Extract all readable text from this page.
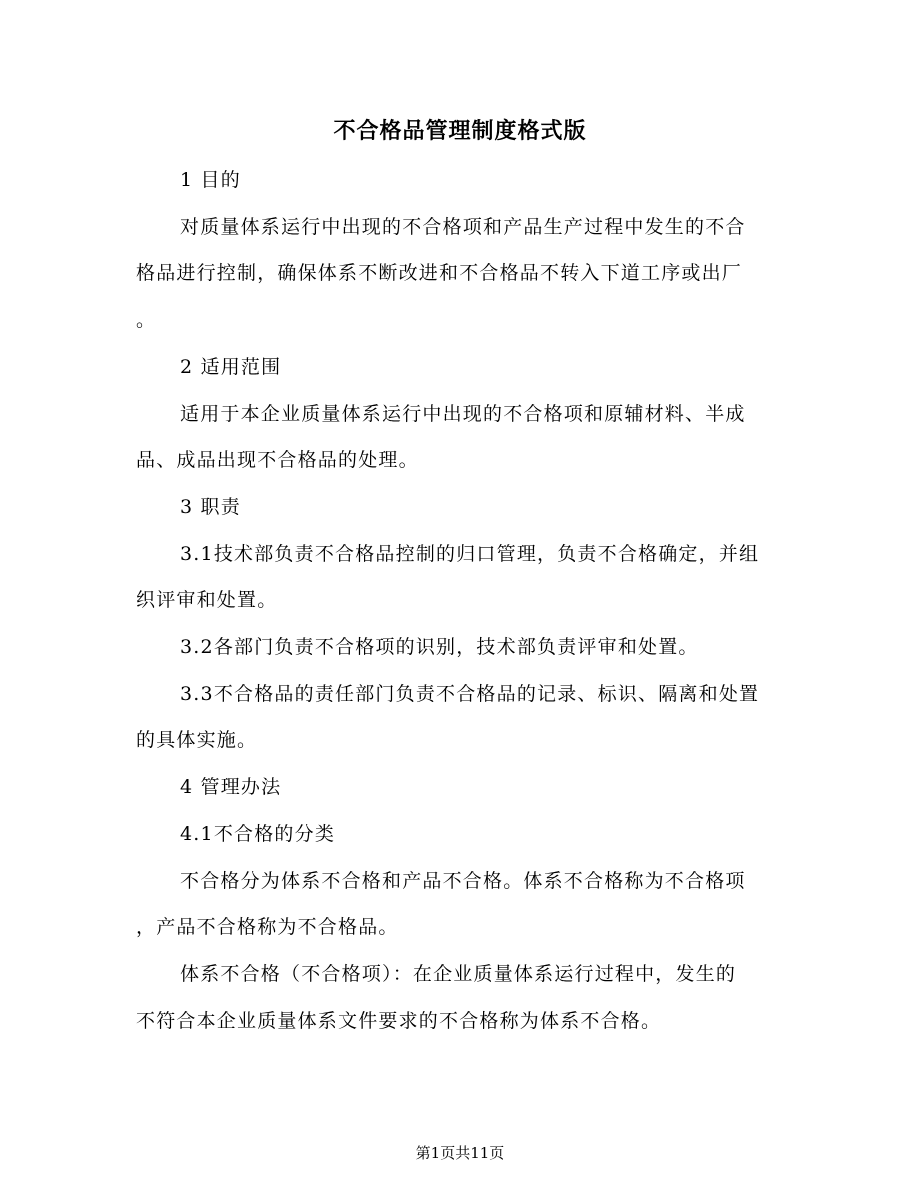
不合格品管理制度格式版
1 目的
对质量体系运行中出现的不合格项和产品生产过程中发生的不合
格品进行控制，确保体系不断改进和不合格品不转入下道工序或出厂
。
2 适用范围
适用于本企业质量体系运行中出现的不合格项和原辅材料、半成
品、成品出现不合格品的处理。
3 职责
3.1技术部负责不合格品控制的归口管理，负责不合格确定，并组
织评审和处置。
3.2各部门负责不合格项的识别，技术部负责评审和处置。
3.3不合格品的责任部门负责不合格品的记录、标识、隔离和处置
的具体实施。
4 管理办法
4.1不合格的分类
不合格分为体系不合格和产品不合格。体系不合格称为不合格项
，产品不合格称为不合格品。
体系不合格（不合格项）：在企业质量体系运行过程中，发生的
不符合本企业质量体系文件要求的不合格称为体系不合格。
第1页共11页
